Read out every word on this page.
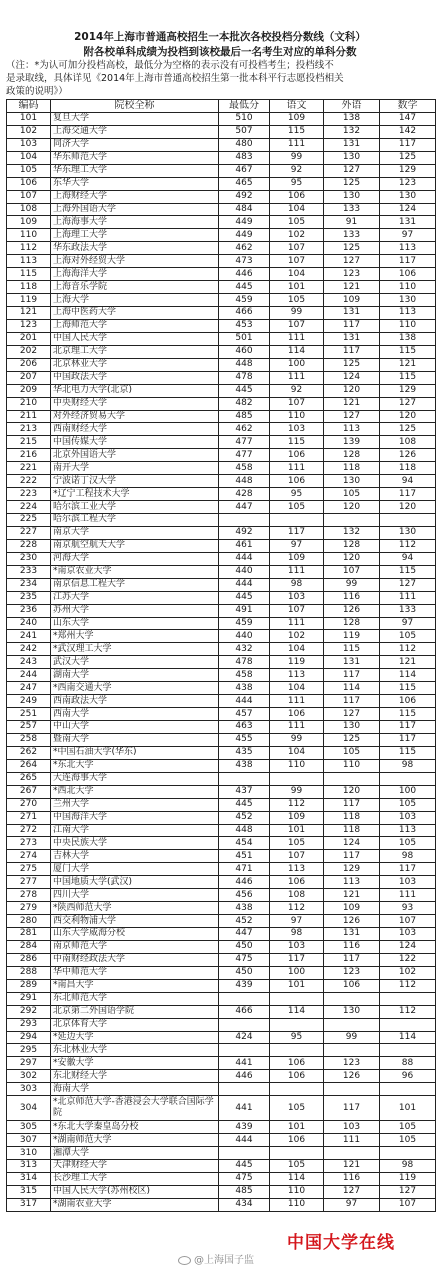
2014年上海市普通高校招生一本批次各校投档分数线（文科）
附各校单科成绩为投档到该校最后一名考生对应的单科分数
（注：*为认可加分投档高校，最低分为空格的表示没有可投档考生；投档线不
是录取线，具体详见《2014年上海市普通高校招生第一批本科平行志愿投档相关
政策的说明》）
编码	院校全称	最低分	语文	外语	数学
101	复旦大学	510	109	138	147
102	上海交通大学	507	115	132	142
103	同济大学	480	111	131	117
104	华东师范大学	483	99	130	125
105	华东理工大学	467	92	127	129
106	东华大学	465	95	125	123
107	上海财经大学	492	106	130	130
108	上海外国语大学	484	104	133	124
109	上海海事大学	449	105	91	131
110	上海理工大学	449	102	133	97
112	华东政法大学	462	107	125	113
113	上海对外经贸大学	473	107	127	117
115	上海海洋大学	446	104	123	106
118	上海音乐学院	445	101	121	110
119	上海大学	459	105	109	130
121	上海中医药大学	466	99	131	113
123	上海师范大学	453	107	117	110
201	中国人民大学	501	111	131	138
202	北京理工大学	460	114	117	115
206	北京林业大学	448	100	125	121
207	中国政法大学	478	111	124	115
209	华北电力大学(北京)	445	92	120	129
210	中央财经大学	482	107	121	127
211	对外经济贸易大学	485	110	127	120
213	西南财经大学	462	103	113	125
215	中国传媒大学	477	115	139	108
216	北京外国语大学	477	106	128	126
221	南开大学	458	111	118	118
222	宁波诺丁汉大学	448	106	130	94
223	*辽宁工程技术大学	428	95	105	117
224	哈尔滨工业大学	447	105	120	120
225	哈尔滨工程大学				
227	南京大学	492	117	132	130
228	南京航空航天大学	461	97	128	112
230	河海大学	444	109	120	94
233	*南京农业大学	440	111	107	115
234	南京信息工程大学	444	98	99	127
235	江苏大学	445	103	116	111
236	苏州大学	491	107	126	133
240	山东大学	459	111	128	97
241	*郑州大学	440	102	119	105
242	*武汉理工大学	432	104	115	112
243	武汉大学	478	119	131	121
244	湖南大学	458	113	117	114
247	*西南交通大学	438	104	114	115
249	西南政法大学	444	111	117	106
251	西南大学	457	106	127	115
257	中山大学	463	111	130	117
258	暨南大学	455	99	125	117
262	*中国石油大学(华东)	435	104	105	115
264	*东北大学	438	110	110	98
265	大连海事大学				
267	*西北大学	437	99	120	100
270	兰州大学	445	112	117	105
271	中国海洋大学	452	109	118	103
272	江南大学	448	101	118	113
273	中央民族大学	454	105	124	105
274	吉林大学	451	107	117	98
275	厦门大学	471	113	129	117
277	中国地质大学(武汉)	446	106	113	103
278	四川大学	456	108	121	111
279	*陕西师范大学	438	112	109	93
280	西交利物浦大学	452	97	126	107
281	山东大学威海分校	447	98	131	103
284	南京师范大学	450	103	116	124
286	中南财经政法大学	475	117	117	122
288	华中师范大学	450	100	123	102
289	*南昌大学	439	101	106	112
291	东北师范大学				
292	北京第二外国语学院	466	114	130	112
293	北京体育大学				
294	*延边大学	424	95	99	114
295	东北林业大学				
297	*安徽大学	441	106	123	88
302	东北财经大学	446	106	126	96
303	海南大学				
304	*北京师范大学-香港浸会大学联合国际学院	441	105	117	101
305	*东北大学秦皇岛分校	439	101	103	105
307	*湖南师范大学	444	106	111	105
310	湘潭大学				
313	天津财经大学	445	105	121	98
314	长沙理工大学	475	114	116	119
315	中国人民大学(苏州校区)	485	110	127	127
317	*湖南农业大学	434	110	97	107
中国大学在线
@上海国子监
